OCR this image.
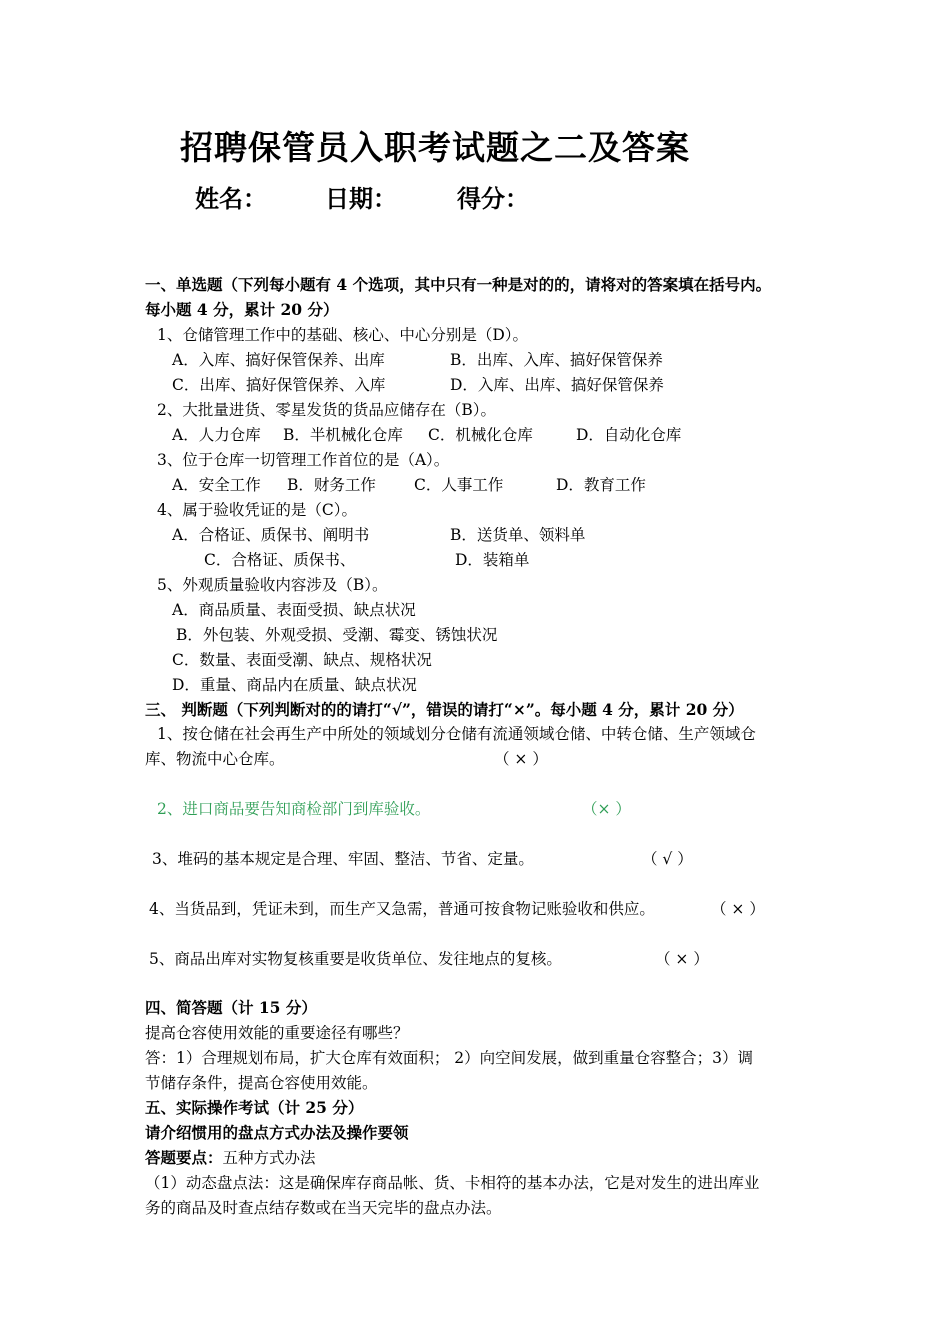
招聘保管员入职考试题之二及答案
姓名： 日期：	得分：
一、单选题（下列每小题有 4 个选项，其中只有一种是对的的，请将对的答案填在括号内。
每小题 4 分，累计 20 分）
1、仓储管理工作中的基础、核心、中心分别是（D）。
A．入库、搞好保管保养、出库	B．出库、入库、搞好保管保养
C．出库、搞好保管保养、入库	D．入库、出库、搞好保管保养
2、大批量进货、零星发货的货品应储存在（B）。
A．人力仓库 B．半机械化仓库 C．机械化仓库	D．自动化仓库
3、位于仓库一切管理工作首位的是（A）。
A．安全工作 B．财务工作 C．人事工作	D．教育工作
4、属于验收凭证的是（C）。
A．合格证、质保书、阐明书	B．送货单、领料单
C．合格证、质保书、	D．装箱单
5、外观质量验收内容涉及（B）。
A．商品质量、表面受损、缺点状况
B．外包装、外观受损、受潮、霉变、锈蚀状况
C．数量、表面受潮、缺点、规格状况
D．重量、商品内在质量、缺点状况
三、 判断题（下列判断对的的请打“√”，错误的请打“×”。每小题 4 分，累计 20 分）
1、按仓储在社会再生产中所处的领域划分仓储有流通领域仓储、中转仓储、生产领域仓
库、物流中心仓库。	（ × ）
2、进口商品要告知商检部门到库验收。	（× ）
3、堆码的基本规定是合理、牢固、整洁、节省、定量。	（ √ ）
4、当货品到，凭证未到，而生产又急需，普通可按食物记账验收和供应。	（ × ）
5、商品出库对实物复核重要是收货单位、发往地点的复核。	（ × ）
四、简答题（计 15 分）
提高仓容使用效能的重要途径有哪些？
答：1）合理规划布局，扩大仓库有效面积； 2）向空间发展，做到重量仓容整合；3）调
节储存条件，提高仓容使用效能。
五、实际操作考试（计 25 分）
请介绍惯用的盘点方式办法及操作要领
答题要点：五种方式办法
（1）动态盘点法：这是确保库存商品帐、货、卡相符的基本办法，它是对发生的进出库业
务的商品及时查点结存数或在当天完毕的盘点办法。
